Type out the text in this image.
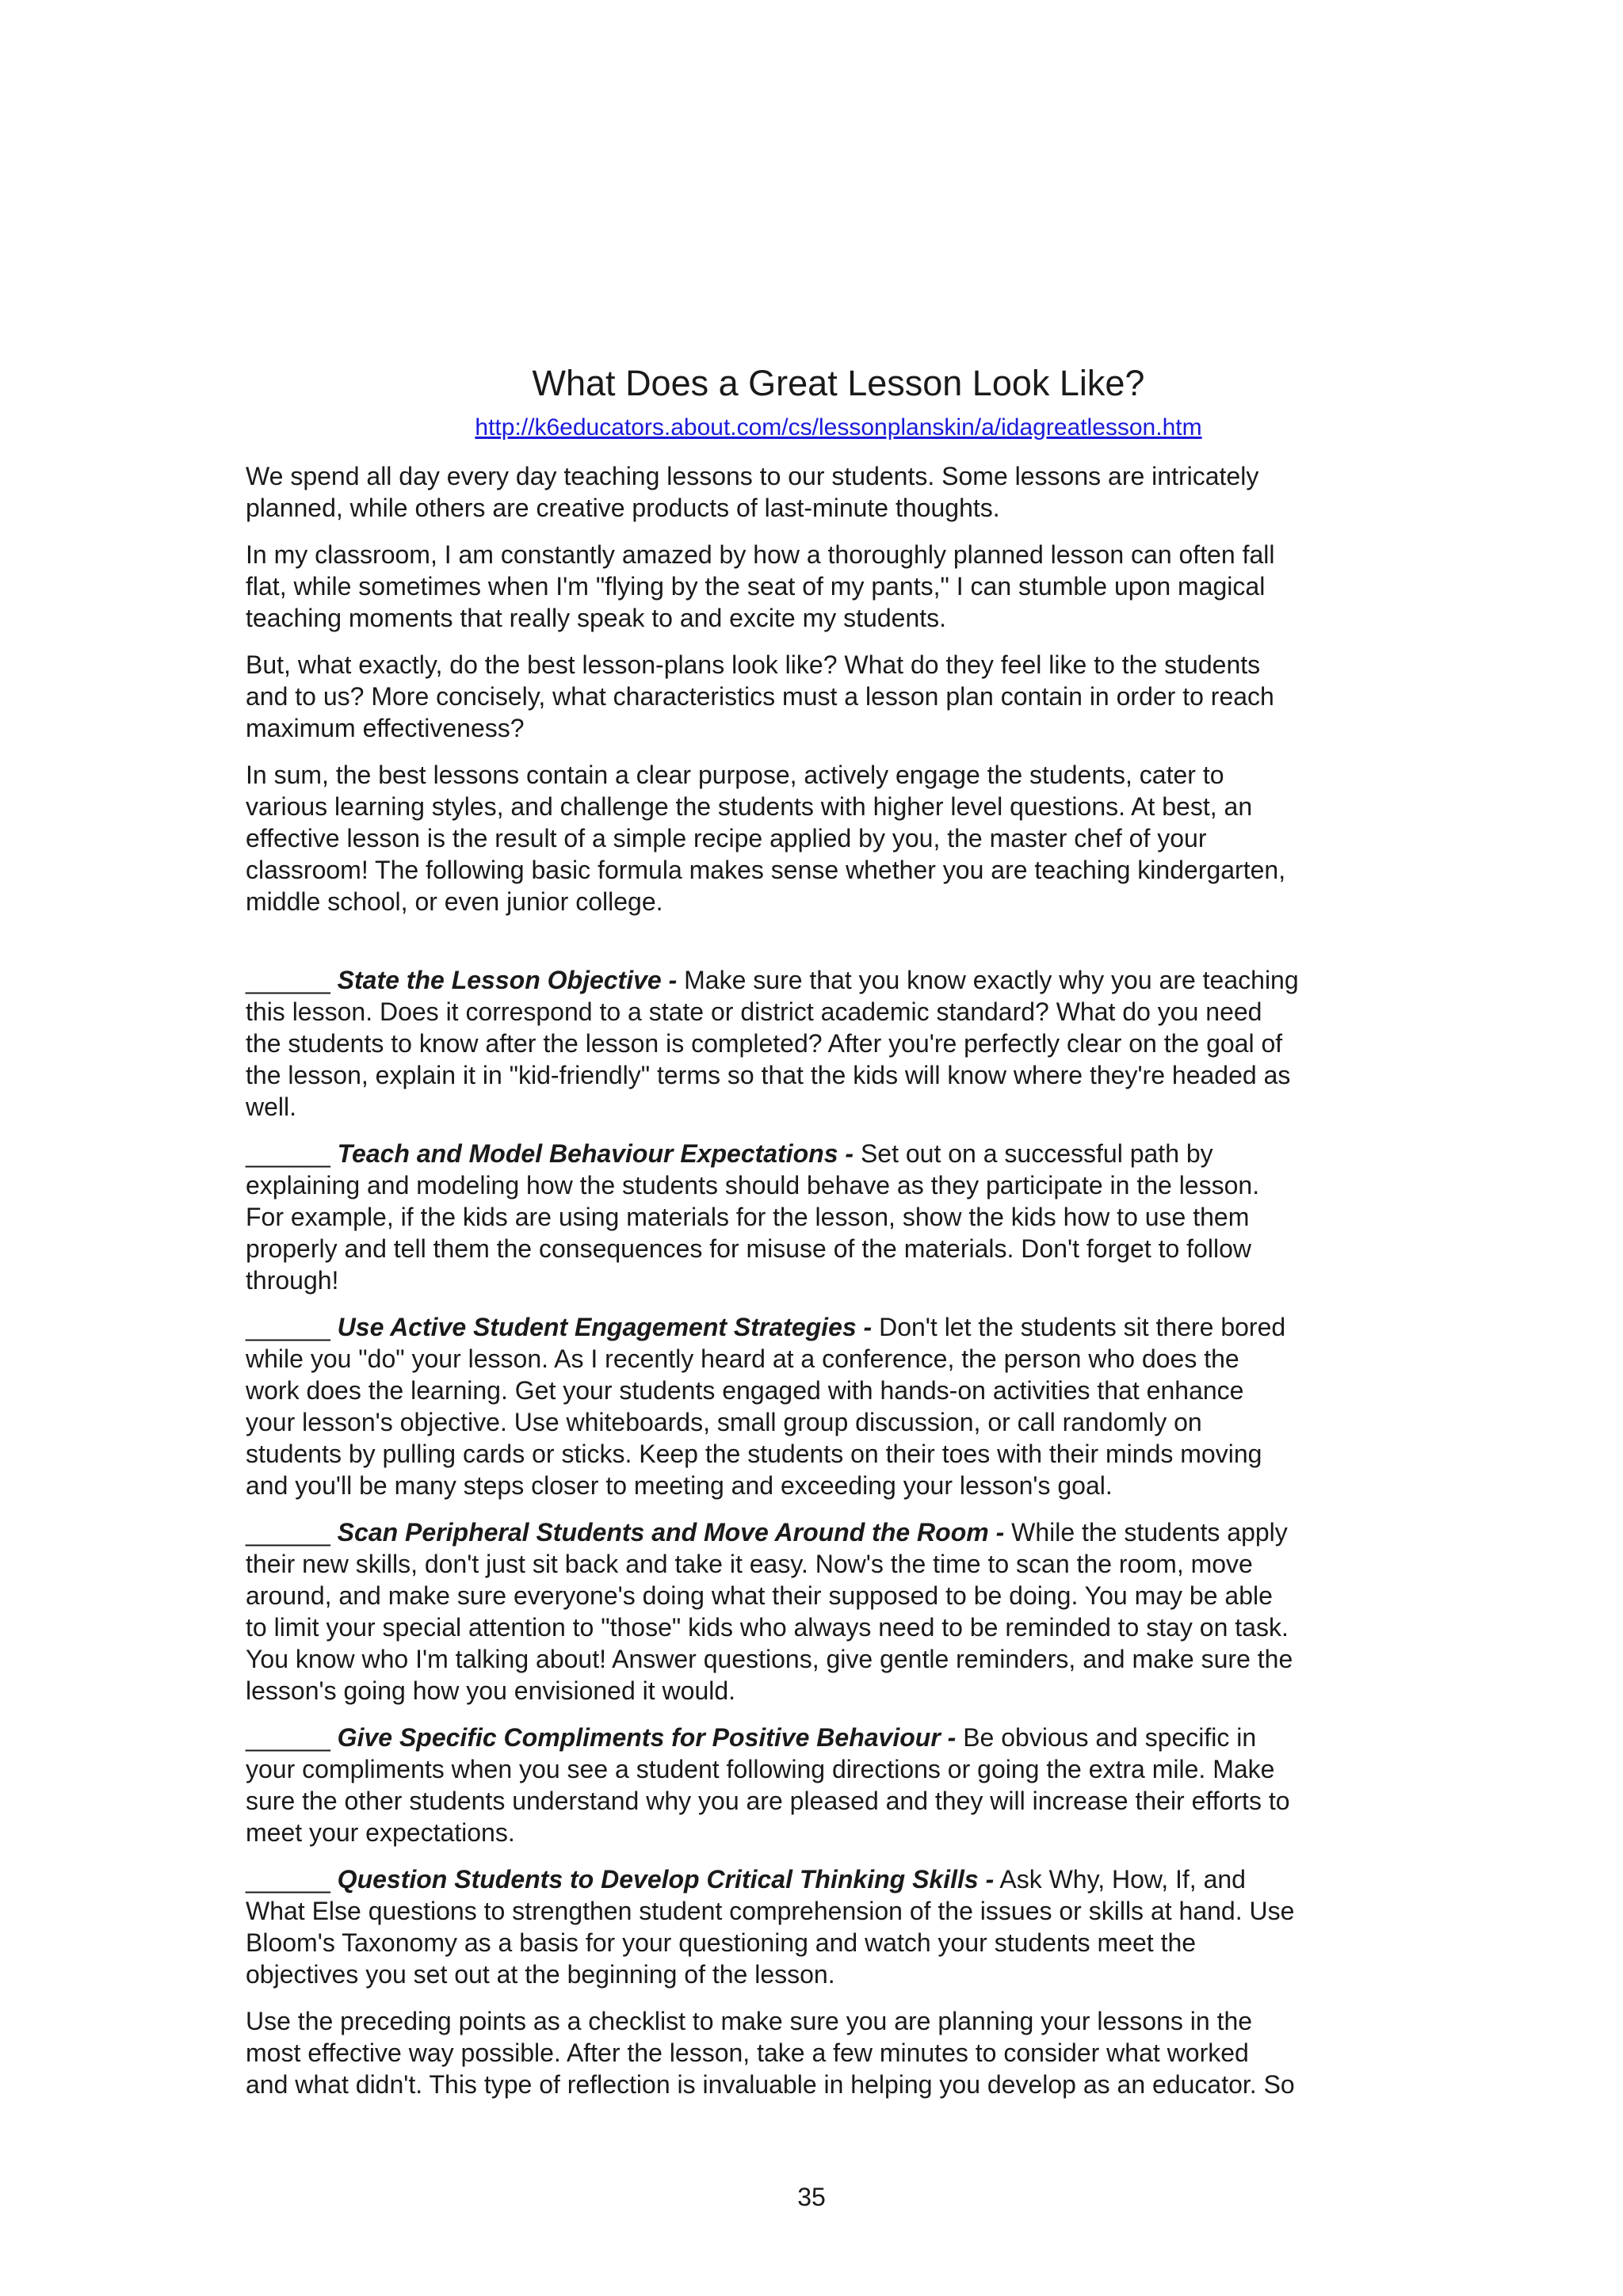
What Does a Great Lesson Look Like?
http://k6educators.about.com/cs/lessonplanskin/a/idagreatlesson.htm

We spend all day every day teaching lessons to our students. Some lessons are intricately
planned, while others are creative products of last-minute thoughts.

In my classroom, I am constantly amazed by how a thoroughly planned lesson can often fall
flat, while sometimes when I'm "flying by the seat of my pants," I can stumble upon magical
teaching moments that really speak to and excite my students.

But, what exactly, do the best lesson-plans look like? What do they feel like to the students
and to us? More concisely, what characteristics must a lesson plan contain in order to reach
maximum effectiveness?

In sum, the best lessons contain a clear purpose, actively engage the students, cater to
various learning styles, and challenge the students with higher level questions. At best, an
effective lesson is the result of a simple recipe applied by you, the master chef of your
classroom! The following basic formula makes sense whether you are teaching kindergarten,
middle school, or even junior college.

______ State the Lesson Objective - Make sure that you know exactly why you are teaching
this lesson. Does it correspond to a state or district academic standard? What do you need
the students to know after the lesson is completed? After you're perfectly clear on the goal of
the lesson, explain it in "kid-friendly" terms so that the kids will know where they're headed as
well.

______ Teach and Model Behaviour Expectations - Set out on a successful path by
explaining and modeling how the students should behave as they participate in the lesson.
For example, if the kids are using materials for the lesson, show the kids how to use them
properly and tell them the consequences for misuse of the materials. Don't forget to follow
through!

______ Use Active Student Engagement Strategies - Don't let the students sit there bored
while you "do" your lesson. As I recently heard at a conference, the person who does the
work does the learning. Get your students engaged with hands-on activities that enhance
your lesson's objective. Use whiteboards, small group discussion, or call randomly on
students by pulling cards or sticks. Keep the students on their toes with their minds moving
and you'll be many steps closer to meeting and exceeding your lesson's goal.

______ Scan Peripheral Students and Move Around the Room - While the students apply
their new skills, don't just sit back and take it easy. Now's the time to scan the room, move
around, and make sure everyone's doing what their supposed to be doing. You may be able
to limit your special attention to "those" kids who always need to be reminded to stay on task.
You know who I'm talking about! Answer questions, give gentle reminders, and make sure the
lesson's going how you envisioned it would.

______ Give Specific Compliments for Positive Behaviour - Be obvious and specific in
your compliments when you see a student following directions or going the extra mile. Make
sure the other students understand why you are pleased and they will increase their efforts to
meet your expectations.

______ Question Students to Develop Critical Thinking Skills - Ask Why, How, If, and
What Else questions to strengthen student comprehension of the issues or skills at hand. Use
Bloom's Taxonomy as a basis for your questioning and watch your students meet the
objectives you set out at the beginning of the lesson.

Use the preceding points as a checklist to make sure you are planning your lessons in the
most effective way possible. After the lesson, take a few minutes to consider what worked
and what didn't. This type of reflection is invaluable in helping you develop as an educator. So

35
